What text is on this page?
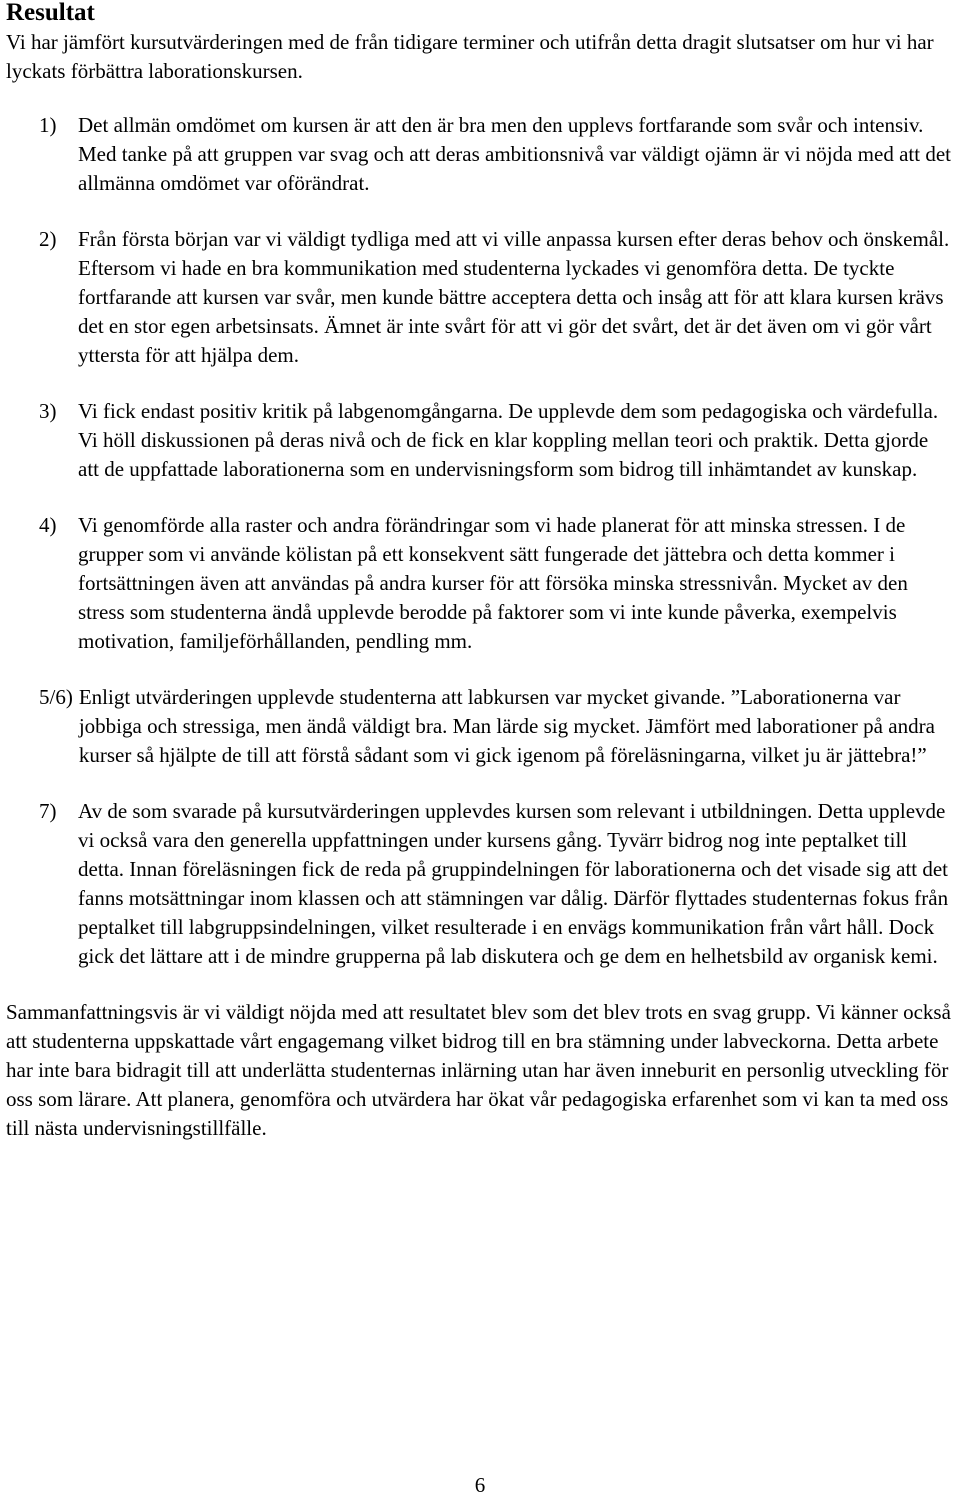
Resultat

Vi har jämfört kursutvärderingen med de från tidigare terminer och utifrån detta dragit slutsatser om hur vi har lyckats förbättra laborationskursen.

1)	Det allmän omdömet om kursen är att den är bra men den upplevs fortfarande som svår och intensiv. Med tanke på att gruppen var svag och att deras ambitionsnivå var väldigt ojämn är vi nöjda med att det allmänna omdömet var oförändrat.
2)	Från första början var vi väldigt tydliga med att vi ville anpassa kursen efter deras behov och önskemål. Eftersom vi hade en bra kommunikation med studenterna lyckades vi genomföra detta. De tyckte fortfarande att kursen var svår, men kunde bättre acceptera detta och insåg att för att klara kursen krävs det en stor egen arbetsinsats. Ämnet är inte svårt för att vi gör det svårt, det är det även om vi gör vårt yttersta för att hjälpa dem.
3)	Vi fick endast positiv kritik på labgenomgångarna. De upplevde dem som pedagogiska och värdefulla. Vi höll diskussionen på deras nivå och de fick en klar koppling mellan teori och praktik. Detta gjorde att de uppfattade laborationerna som en undervisningsform som bidrog till inhämtandet av kunskap.
4)	Vi genomförde alla raster och andra förändringar som vi hade planerat för att minska stressen. I de grupper som vi använde kölistan på ett konsekvent sätt fungerade det jättebra och detta kommer i fortsättningen även att användas på andra kurser för att försöka minska stressnivån. Mycket av den stress som studenterna ändå upplevde berodde på faktorer som vi inte kunde påverka, exempelvis motivation, familjeförhållanden, pendling mm.
5/6) Enligt utvärderingen upplevde studenterna att labkursen var mycket givande. ”Laborationerna var jobbiga och stressiga, men ändå väldigt bra. Man lärde sig mycket. Jämfört med laborationer på andra kurser så hjälpte de till att förstå sådant som vi gick igenom på föreläsningarna, vilket ju är jättebra!”
7)	Av de som svarade på kursutvärderingen upplevdes kursen som relevant i utbildningen. Detta upplevde vi också vara den generella uppfattningen under kursens gång. Tyvärr bidrog nog inte peptalket till detta. Innan föreläsningen fick de reda på gruppindelningen för laborationerna och det visade sig att det fanns motsättningar inom klassen och att stämningen var dålig. Därför flyttades studenternas fokus från peptalket till labgruppsindelningen, vilket resulterade i en envägs kommunikation från vårt håll. Dock gick det lättare att i de mindre grupperna på lab diskutera och ge dem en helhetsbild av organisk kemi.

Sammanfattningsvis är vi väldigt nöjda med att resultatet blev som det blev trots en svag grupp. Vi känner också att studenterna uppskattade vårt engagemang vilket bidrog till en bra stämning under labveckorna. Detta arbete har inte bara bidragit till att underlätta studenternas inlärning utan har även inneburit en personlig utveckling för oss som lärare. Att planera, genomföra och utvärdera har ökat vår pedagogiska erfarenhet som vi kan ta med oss till nästa undervisningstillfälle.

6
